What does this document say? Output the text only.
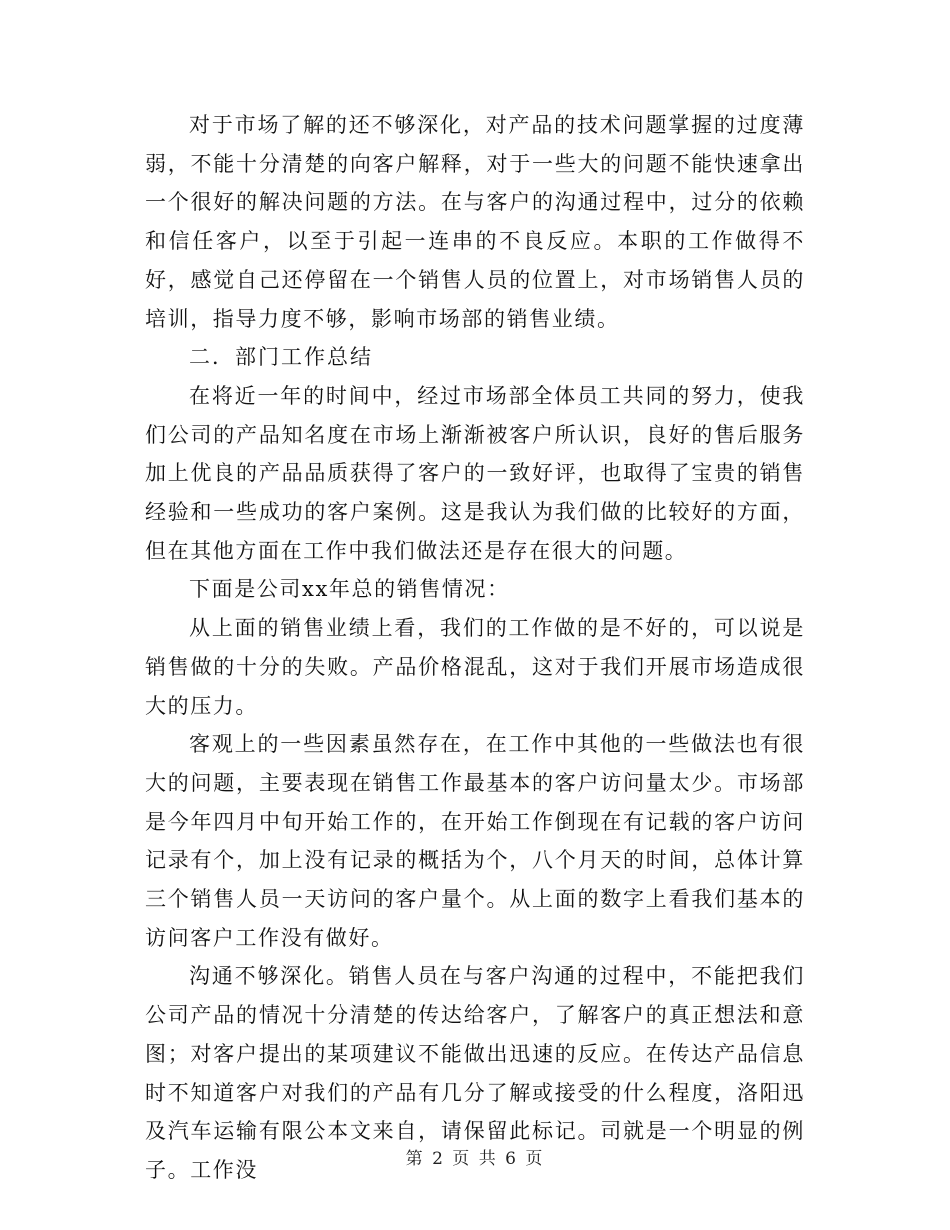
对于市场了解的还不够深化，对产品的技术问题掌握的过度薄弱，不能十分清楚的向客户解释，对于一些大的问题不能快速拿出一个很好的解决问题的方法。在与客户的沟通过程中，过分的依赖和信任客户，以至于引起一连串的不良反应。本职的工作做得不好，感觉自己还停留在一个销售人员的位置上，对市场销售人员的培训，指导力度不够，影响市场部的销售业绩。

二．部门工作总结

在将近一年的时间中，经过市场部全体员工共同的努力，使我们公司的产品知名度在市场上渐渐被客户所认识，良好的售后服务加上优良的产品品质获得了客户的一致好评，也取得了宝贵的销售经验和一些成功的客户案例。这是我认为我们做的比较好的方面，但在其他方面在工作中我们做法还是存在很大的问题。

下面是公司xx年总的销售情况：

从上面的销售业绩上看，我们的工作做的是不好的，可以说是销售做的十分的失败。产品价格混乱，这对于我们开展市场造成很大的压力。

客观上的一些因素虽然存在，在工作中其他的一些做法也有很大的问题，主要表现在销售工作最基本的客户访问量太少。市场部是今年四月中旬开始工作的，在开始工作倒现在有记载的客户访问记录有个，加上没有记录的概括为个，八个月天的时间，总体计算三个销售人员一天访问的客户量个。从上面的数字上看我们基本的访问客户工作没有做好。

沟通不够深化。销售人员在与客户沟通的过程中，不能把我们公司产品的情况十分清楚的传达给客户，了解客户的真正想法和意图；对客户提出的某项建议不能做出迅速的反应。在传达产品信息时不知道客户对我们的产品有几分了解或接受的什么程度，洛阳迅及汽车运输有限公本文来自，请保留此标记。司就是一个明显的例子。工作没	第 2 页 共 6 页
